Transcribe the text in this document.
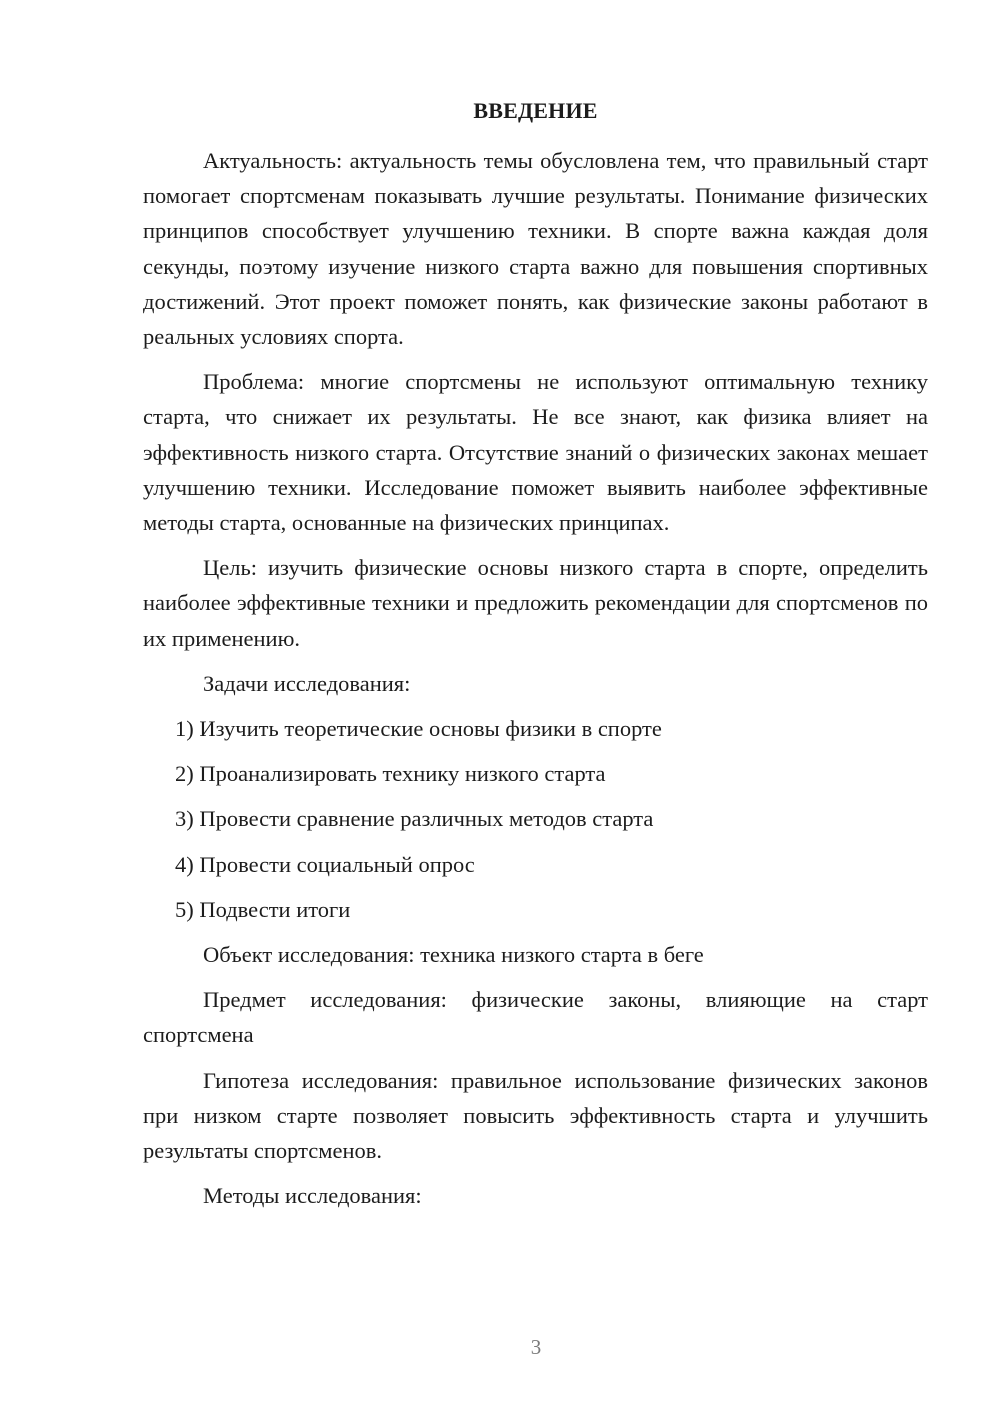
ВВЕДЕНИЕ

Актуальность: актуальность темы обусловлена тем, что правильный старт помогает спортсменам показывать лучшие результаты. Понимание физических принципов способствует улучшению техники. В спорте важна каждая доля секунды, поэтому изучение низкого старта важно для повышения спортивных достижений. Этот проект поможет понять, как физические законы работают в реальных условиях спорта.

Проблема: многие спортсмены не используют оптимальную технику старта, что снижает их результаты. Не все знают, как физика влияет на эффективность низкого старта. Отсутствие знаний о физических законах мешает улучшению техники. Исследование поможет выявить наиболее эффективные методы старта, основанные на физических принципах.

Цель: изучить физические основы низкого старта в спорте, определить наиболее эффективные техники и предложить рекомендации для спортсменов по их применению.

Задачи исследования:

1) Изучить теоретические основы физики в спорте

2) Проанализировать технику низкого старта

3) Провести сравнение различных методов старта

4) Провести социальный опрос

5) Подвести итоги

Объект исследования: техника низкого старта в беге

Предмет исследования: физические законы, влияющие на старт спортсмена

Гипотеза исследования: правильное использование физических законов при низком старте позволяет повысить эффективность старта и улучшить результаты спортсменов.

Методы исследования:

3
